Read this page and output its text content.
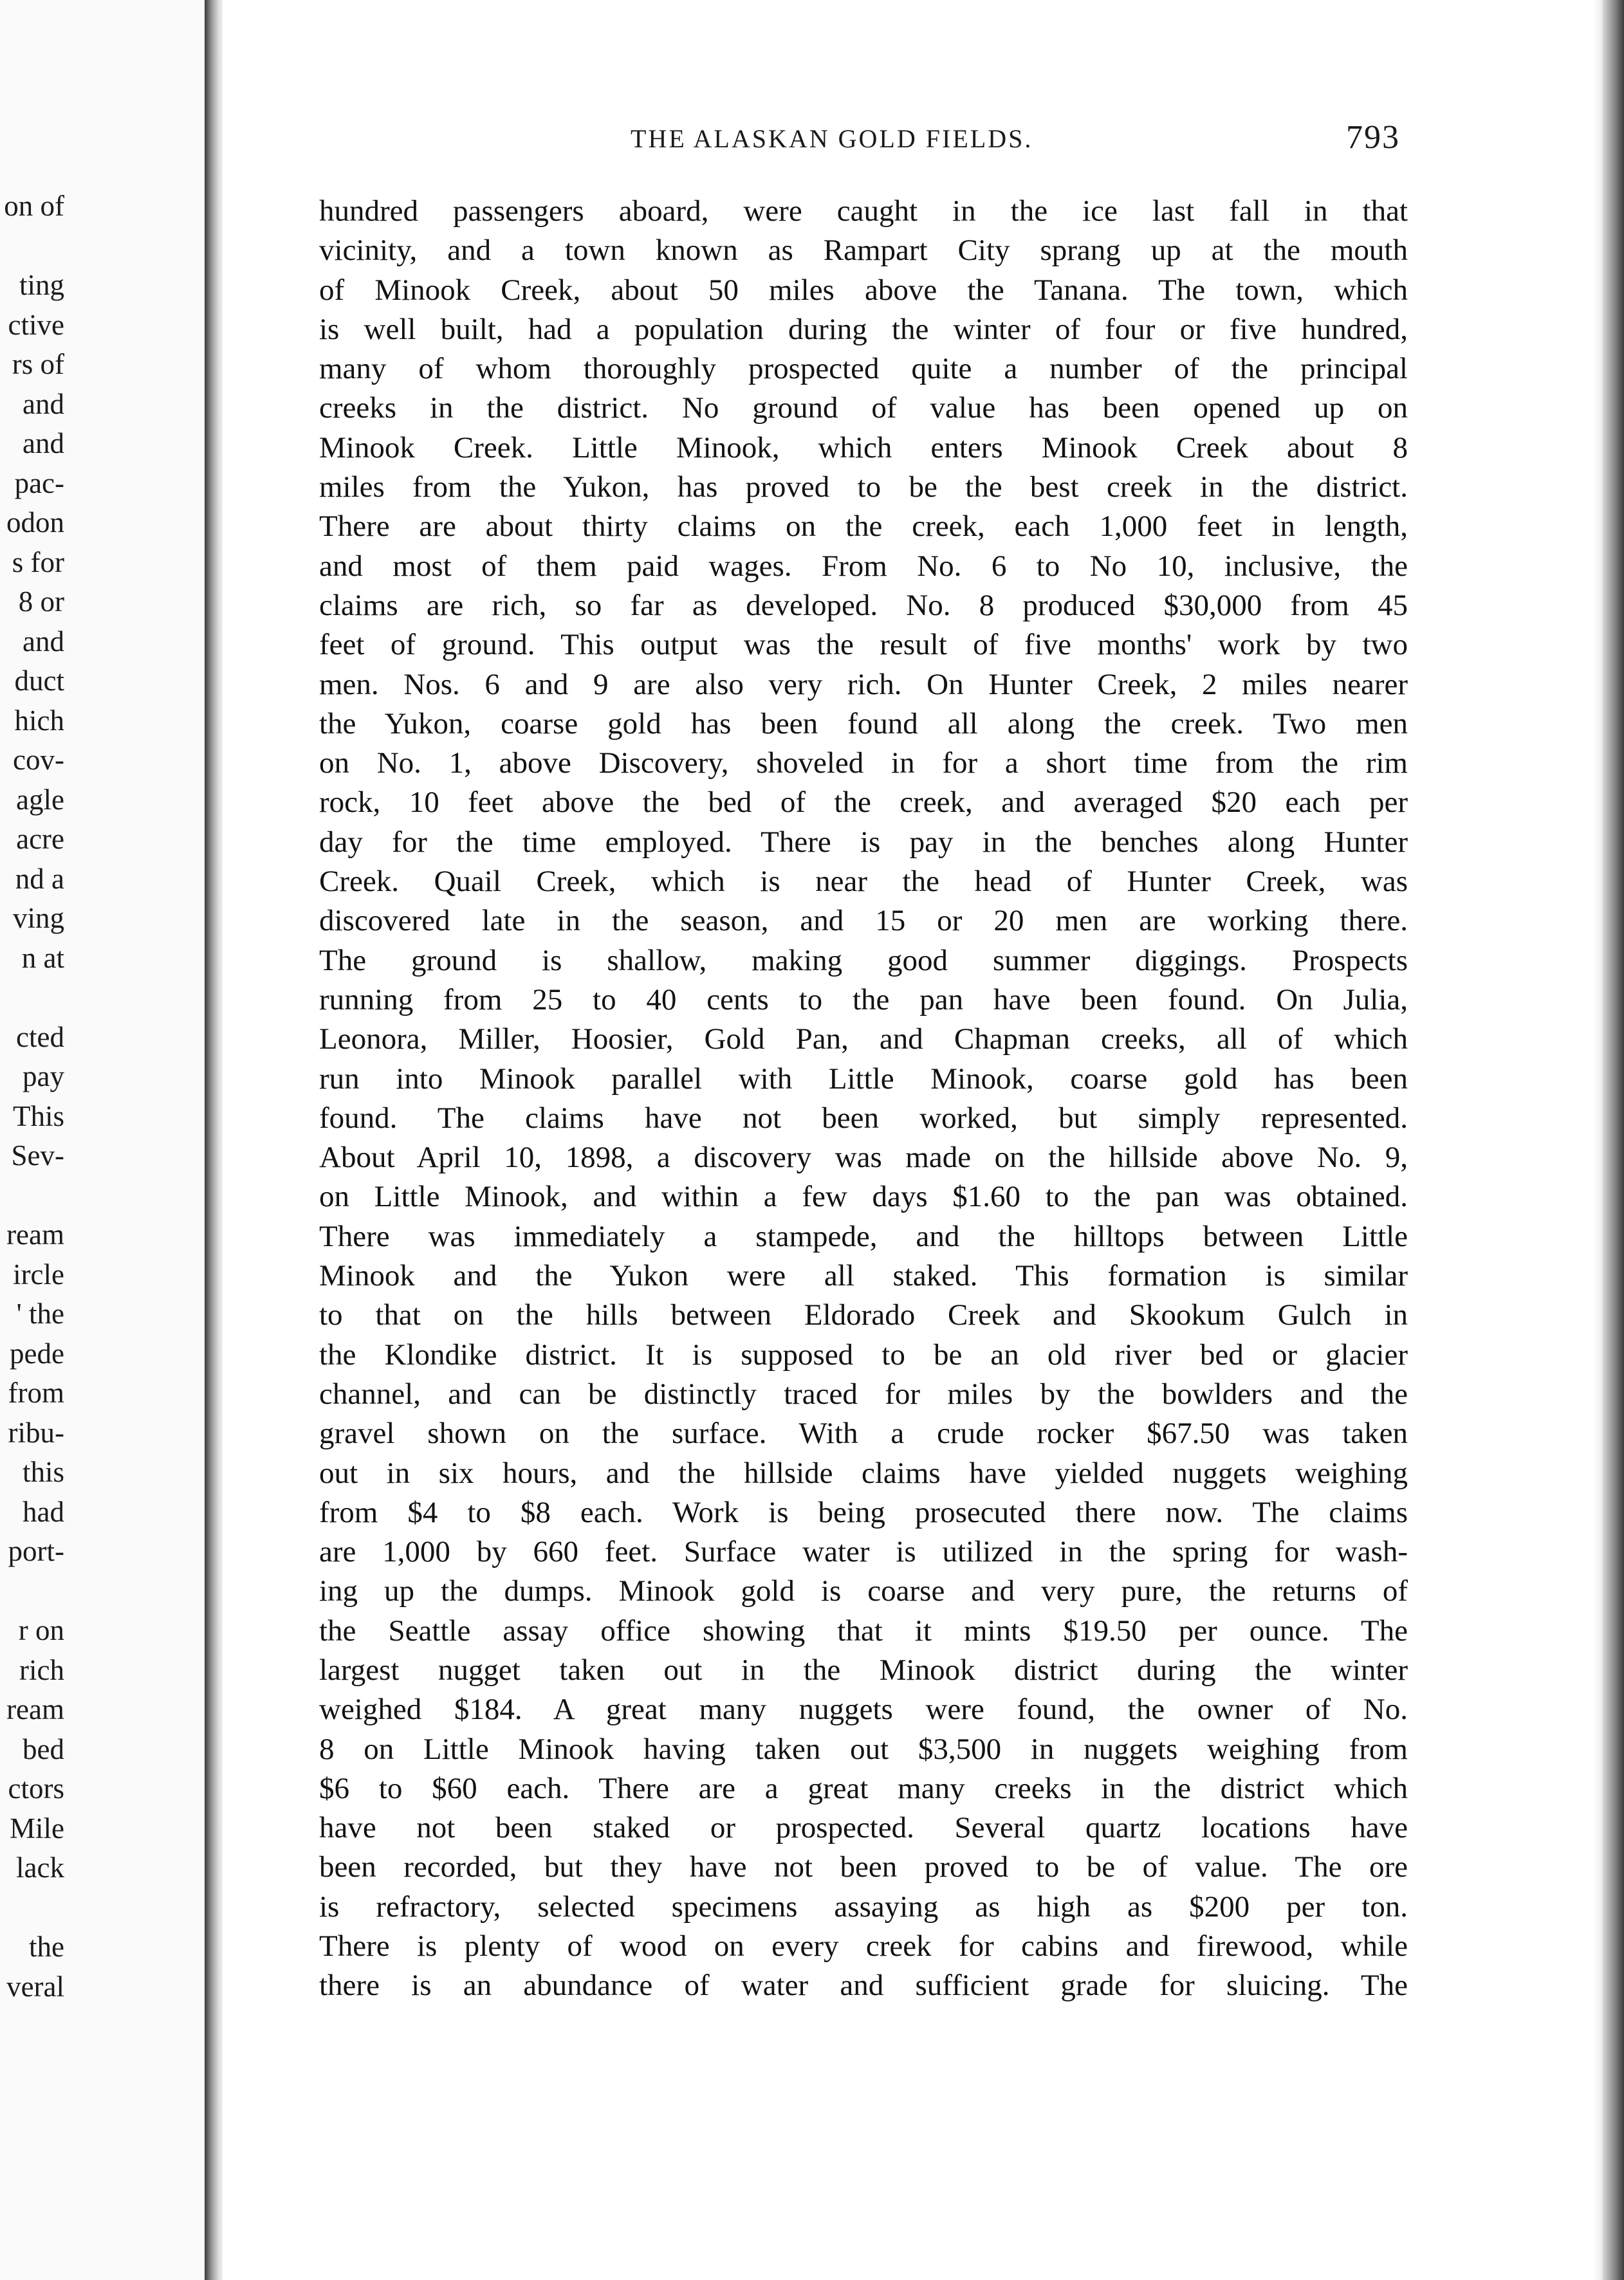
on of
ting
ctive
rs of
and
and
pac-
odon
s for
8 or
and
duct
hich
cov-
agle
acre
nd a
ving
n at
cted
pay
This
Sev-
ream
ircle
' the
pede
from
ribu-
this
had
port-
r on
rich
ream
bed
ctors
Mile
lack
the
veral
THE ALASKAN GOLD FIELDS.	793
hundred passengers aboard, were caught in the ice last fall in that
vicinity, and a town known as Rampart City sprang up at the mouth
of Minook Creek, about 50 miles above the Tanana. The town, which
is well built, had a population during the winter of four or five hundred,
many of whom thoroughly prospected quite a number of the principal
creeks in the district. No ground of value has been opened up on
Minook Creek. Little Minook, which enters Minook Creek about 8
miles from the Yukon, has proved to be the best creek in the district.
There are about thirty claims on the creek, each 1,000 feet in length,
and most of them paid wages. From No. 6 to No 10, inclusive, the
claims are rich, so far as developed. No. 8 produced $30,000 from 45
feet of ground. This output was the result of five months' work by two
men. Nos. 6 and 9 are also very rich. On Hunter Creek, 2 miles nearer
the Yukon, coarse gold has been found all along the creek. Two men
on No. 1, above Discovery, shoveled in for a short time from the rim
rock, 10 feet above the bed of the creek, and averaged $20 each per
day for the time employed. There is pay in the benches along Hunter
Creek. Quail Creek, which is near the head of Hunter Creek, was
discovered late in the season, and 15 or 20 men are working there.
The ground is shallow, making good summer diggings. Prospects
running from 25 to 40 cents to the pan have been found. On Julia,
Leonora, Miller, Hoosier, Gold Pan, and Chapman creeks, all of which
run into Minook parallel with Little Minook, coarse gold has been
found. The claims have not been worked, but simply represented.
About April 10, 1898, a discovery was made on the hillside above No. 9,
on Little Minook, and within a few days $1.60 to the pan was obtained.
There was immediately a stampede, and the hilltops between Little
Minook and the Yukon were all staked. This formation is similar
to that on the hills between Eldorado Creek and Skookum Gulch in
the Klondike district. It is supposed to be an old river bed or glacier
channel, and can be distinctly traced for miles by the bowlders and the
gravel shown on the surface. With a crude rocker $67.50 was taken
out in six hours, and the hillside claims have yielded nuggets weighing
from $4 to $8 each. Work is being prosecuted there now. The claims
are 1,000 by 660 feet. Surface water is utilized in the spring for wash-
ing up the dumps. Minook gold is coarse and very pure, the returns of
the Seattle assay office showing that it mints $19.50 per ounce. The
largest nugget taken out in the Minook district during the winter
weighed $184. A great many nuggets were found, the owner of No.
8 on Little Minook having taken out $3,500 in nuggets weighing from
$6 to $60 each. There are a great many creeks in the district which
have not been staked or prospected. Several quartz locations have
been recorded, but they have not been proved to be of value. The ore
is refractory, selected specimens assaying as high as $200 per ton.
There is plenty of wood on every creek for cabins and firewood, while
there is an abundance of water and sufficient grade for sluicing. The
